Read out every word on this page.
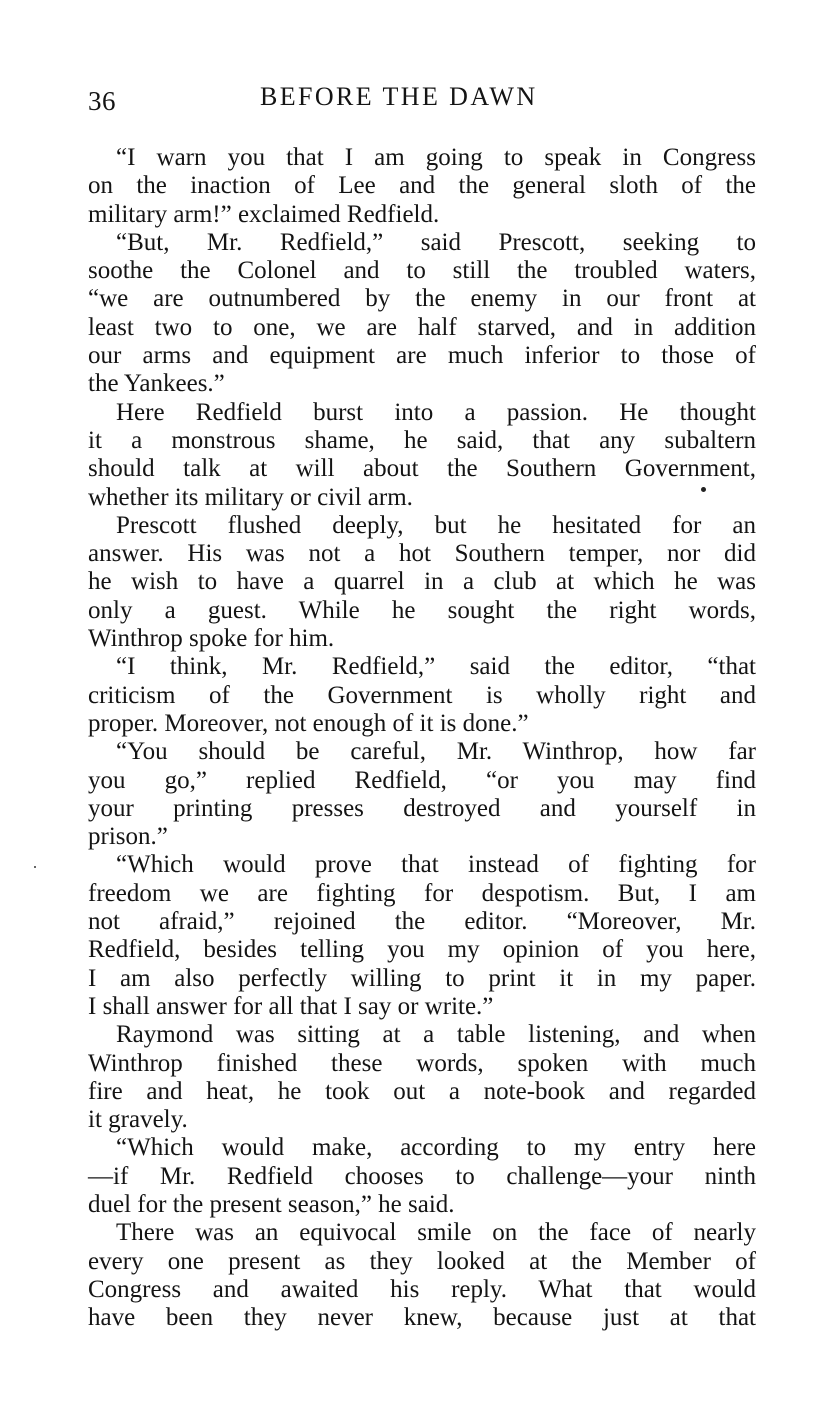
36	BEFORE THE DAWN
“I warn you that I am going to speak in Congress
on the inaction of Lee and the general sloth of the
military arm!” exclaimed Redfield.
“But, Mr. Redfield,” said Prescott, seeking to
soothe the Colonel and to still the troubled waters,
“we are outnumbered by the enemy in our front at
least two to one, we are half starved, and in addition
our arms and equipment are much inferior to those of
the Yankees.”
Here Redfield burst into a passion. He thought
it a monstrous shame, he said, that any subaltern
should talk at will about the Southern Government,
whether its military or civil arm.
Prescott flushed deeply, but he hesitated for an
answer. His was not a hot Southern temper, nor did
he wish to have a quarrel in a club at which he was
only a guest. While he sought the right words,
Winthrop spoke for him.
“I think, Mr. Redfield,” said the editor, “that
criticism of the Government is wholly right and
proper. Moreover, not enough of it is done.”
“You should be careful, Mr. Winthrop, how far
you go,” replied Redfield, “or you may find
your printing presses destroyed and yourself in
prison.”
“Which would prove that instead of fighting for
freedom we are fighting for despotism. But, I am
not afraid,” rejoined the editor. “Moreover, Mr.
Redfield, besides telling you my opinion of you here,
I am also perfectly willing to print it in my paper.
I shall answer for all that I say or write.”
Raymond was sitting at a table listening, and when
Winthrop finished these words, spoken with much
fire and heat, he took out a note-book and regarded
it gravely.
“Which would make, according to my entry here
—if Mr. Redfield chooses to challenge—your ninth
duel for the present season,” he said.
There was an equivocal smile on the face of nearly
every one present as they looked at the Member of
Congress and awaited his reply. What that would
have been they never knew, because just at that
